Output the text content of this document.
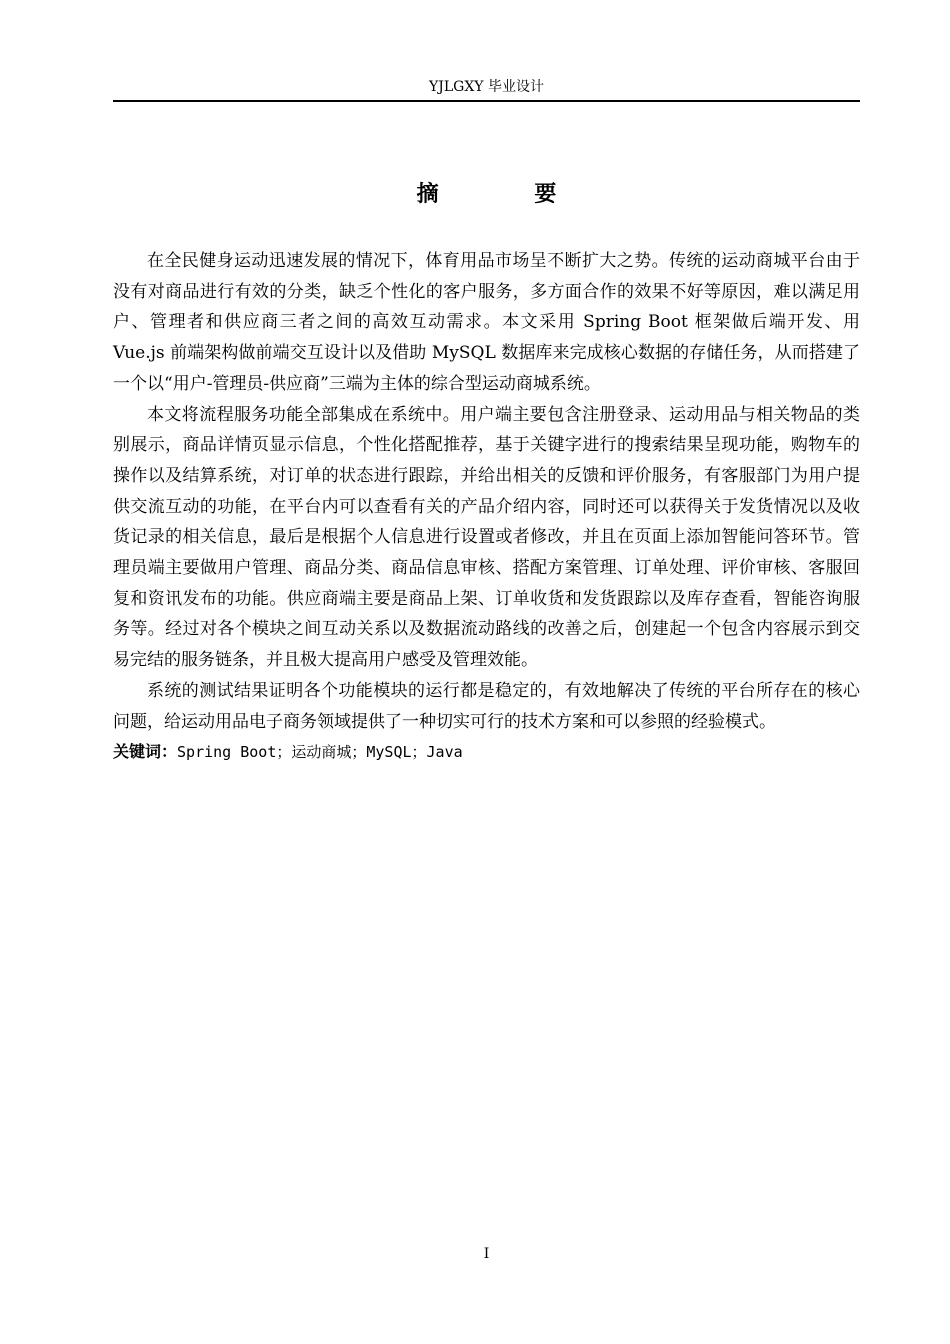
YJLGXY 毕业设计
摘 要

在全民健身运动迅速发展的情况下，体育用品市场呈不断扩大之势。传统的运动商城平台由于没有对商品进行有效的分类，缺乏个性化的客户服务，多方面合作的效果不好等原因，难以满足用户、管理者和供应商三者之间的高效互动需求。本文采用 Spring Boot 框架做后端开发、用 Vue.js 前端架构做前端交互设计以及借助 MySQL 数据库来完成核心数据的存储任务，从而搭建了一个以“用户-管理员-供应商”三端为主体的综合型运动商城系统。

本文将流程服务功能全部集成在系统中。用户端主要包含注册登录、运动用品与相关物品的类别展示，商品详情页显示信息，个性化搭配推荐，基于关键字进行的搜索结果呈现功能，购物车的操作以及结算系统，对订单的状态进行跟踪，并给出相关的反馈和评价服务，有客服部门为用户提供交流互动的功能，在平台内可以查看有关的产品介绍内容，同时还可以获得关于发货情况以及收货记录的相关信息，最后是根据个人信息进行设置或者修改，并且在页面上添加智能问答环节。管理员端主要做用户管理、商品分类、商品信息审核、搭配方案管理、订单处理、评价审核、客服回复和资讯发布的功能。供应商端主要是商品上架、订单收货和发货跟踪以及库存查看，智能咨询服务等。经过对各个模块之间互动关系以及数据流动路线的改善之后，创建起一个包含内容展示到交易完结的服务链条，并且极大提高用户感受及管理效能。

系统的测试结果证明各个功能模块的运行都是稳定的，有效地解决了传统的平台所存在的核心问题，给运动用品电子商务领域提供了一种切实可行的技术方案和可以参照的经验模式。

关键词：Spring Boot；运动商城；MySQL；Java

I
